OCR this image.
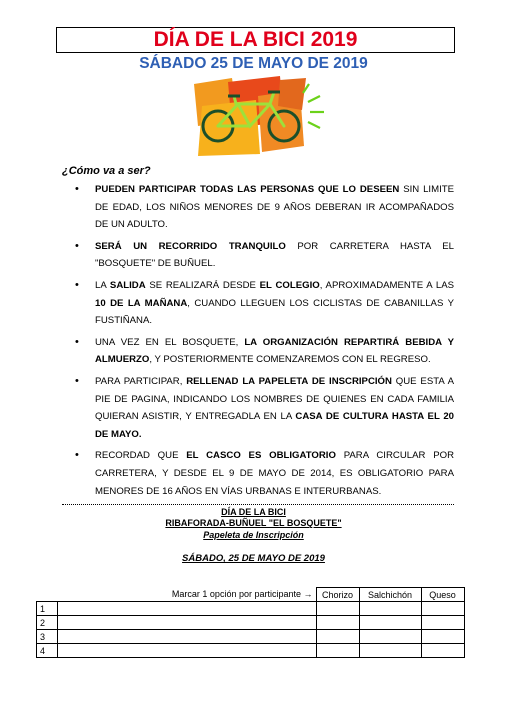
DÍA DE LA BICI 2019
SÁBADO 25 DE MAYO DE 2019
¿Cómo va a ser?
• PUEDEN PARTICIPAR TODAS LAS PERSONAS QUE LO DESEEN SIN LIMITE DE EDAD, LOS NIÑOS MENORES DE 9 AÑOS DEBERAN IR ACOMPAÑADOS DE UN ADULTO.
• SERÁ UN RECORRIDO TRANQUILO POR CARRETERA HASTA EL "BOSQUETE" DE BUÑUEL.
• LA SALIDA SE REALIZARÁ DESDE EL COLEGIO, APROXIMADAMENTE A LAS 10 DE LA MAÑANA, CUANDO LLEGUEN LOS CICLISTAS DE CABANILLAS Y FUSTIÑANA.
• UNA VEZ EN EL BOSQUETE, LA ORGANIZACIÓN REPARTIRÁ BEBIDA Y ALMUERZO, Y POSTERIORMENTE COMENZAREMOS CON EL REGRESO.
• PARA PARTICIPAR, RELLENAD LA PAPELETA DE INSCRIPCIÓN QUE ESTA A PIE DE PAGINA, INDICANDO LOS NOMBRES DE QUIENES EN CADA FAMILIA QUIERAN ASISTIR, Y ENTREGADLA EN LA CASA DE CULTURA HASTA EL 20 DE MAYO.
• RECORDAD QUE EL CASCO ES OBLIGATORIO PARA CIRCULAR POR CARRETERA, Y DESDE EL 9 DE MAYO DE 2014, ES OBLIGATORIO PARA MENORES DE 16 AÑOS EN VÍAS URBANAS E INTERURBANAS.
DÍA DE LA BICI
RIBAFORADA-BUÑUEL "EL BOSQUETE"
Papeleta de Inscripción
SÁBADO, 25 DE MAYO DE 2019
	Marcar 1 opción por participante →	Chorizo	Salchichón	Queso
1				
2				
3				
4				
